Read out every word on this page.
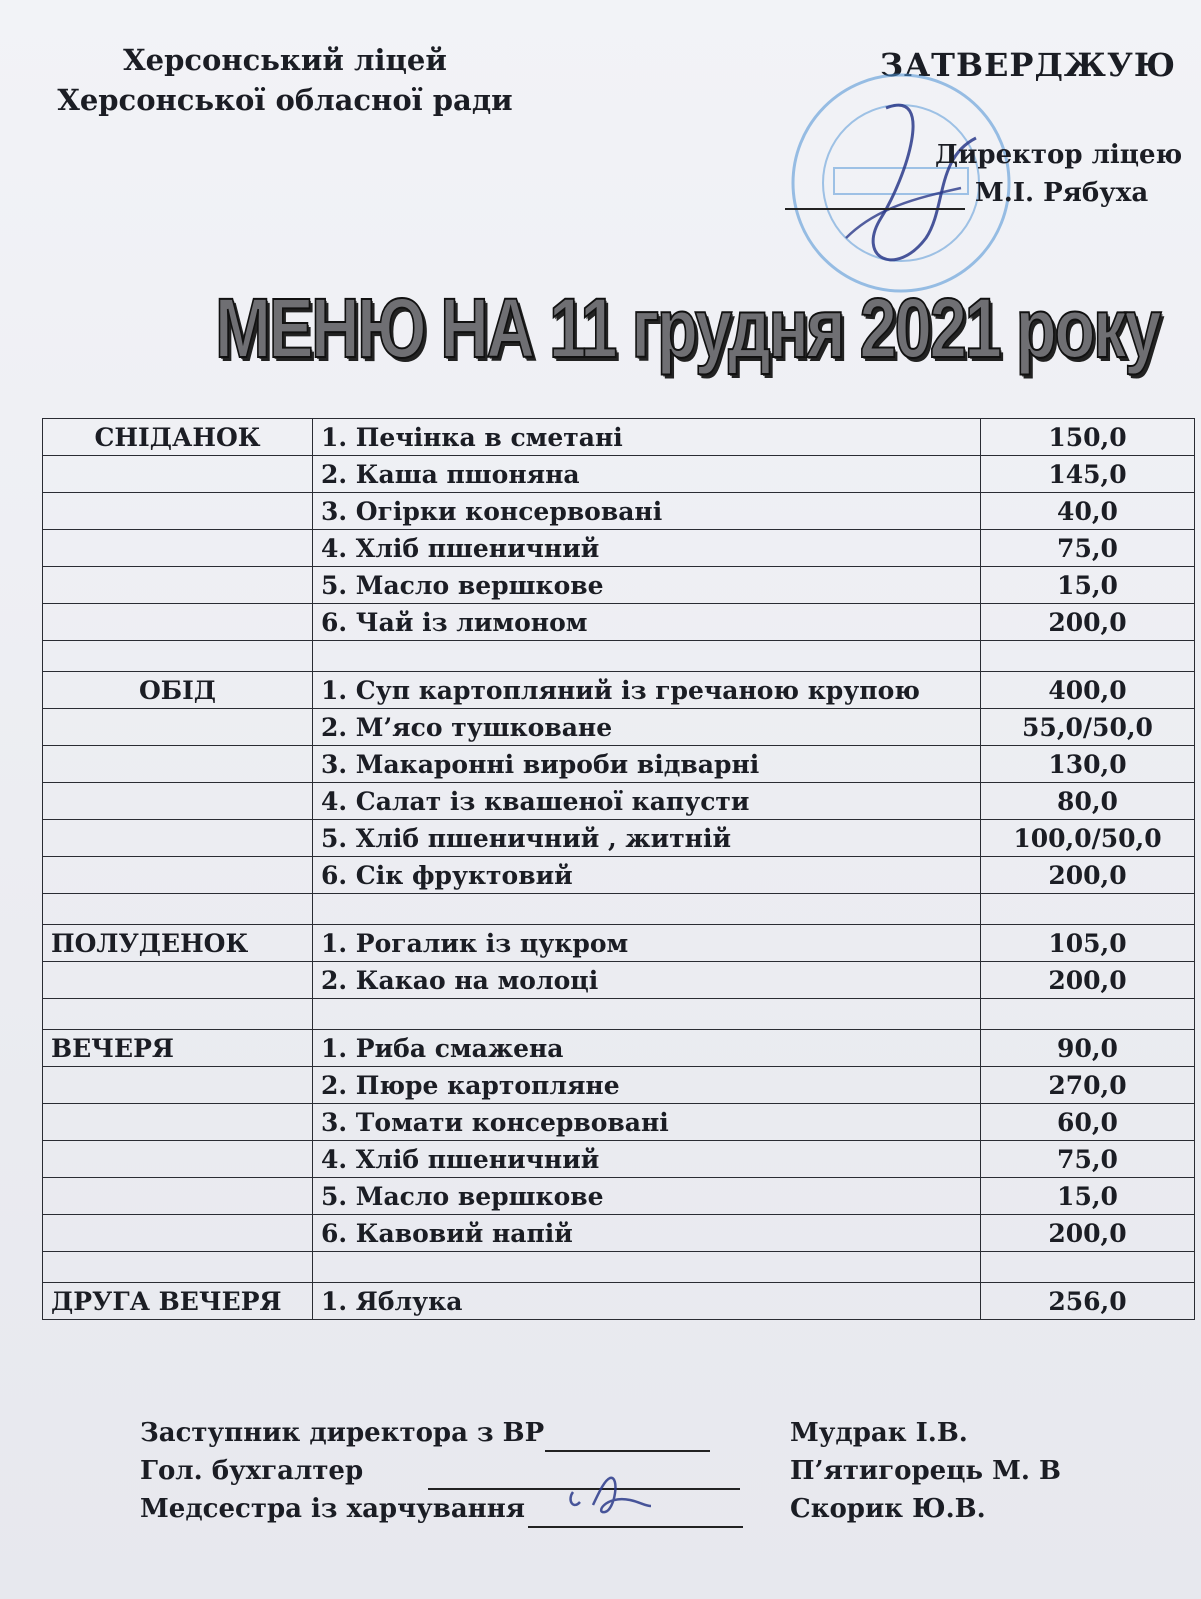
Херсонський ліцей
Херсонської обласної ради
ЗАТВЕРДЖУЮ
Директор ліцею
М.І. Рябуха
МЕНЮ НА 11 грудня 2021 року
СНІДАНОК	1. Печінка в сметані	150,0
	2. Каша пшоняна	145,0
	3. Огірки консервовані	40,0
	4. Хліб пшеничний	75,0
	5. Масло вершкове	15,0
	6. Чай із лимоном	200,0

ОБІД	1. Суп картопляний із гречаною крупою	400,0
	2. М’ясо тушковане	55,0/50,0
	3. Макаронні вироби відварні	130,0
	4. Салат із квашеної капусти	80,0
	5. Хліб пшеничний , житній	100,0/50,0
	6. Сік фруктовий	200,0

ПОЛУДЕНОК	1. Рогалик із цукром	105,0
	2. Какао на молоці	200,0

ВЕЧЕРЯ	1. Риба смажена	90,0
	2. Пюре картопляне	270,0
	3. Томати консервовані	60,0
	4. Хліб пшеничний	75,0
	5. Масло вершкове	15,0
	6. Кавовий напій	200,0

ДРУГА ВЕЧЕРЯ	1. Яблука	256,0
Заступник директора з ВР	Мудрак І.В.
Гол. бухгалтер	П’ятигорець М. В
Медсестра із харчування	Скорик Ю.В.
